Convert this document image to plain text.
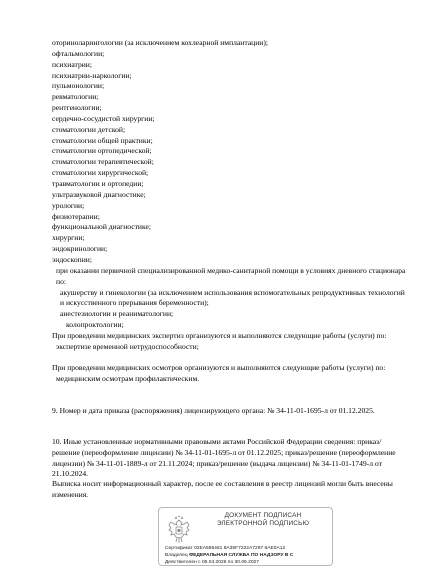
оториноларингологии (за исключением кохлеарной имплантации);
офтальмологии;
психиатрии;
психиатрии-наркологии;
пульмонологии;
ревматологии;
рентгенологии;
сердечно-сосудистой хирургии;
стоматологии детской;
стоматологии общей практики;
стоматологии ортопедической;
стоматологии терапевтической;
стоматологии хирургической;
травматологии и ортопедии;
ультразвуковой диагностике;
урологии;
физиотерапии;
функциональной диагностике;
хирургии;
эндокринологии;
эндоскопии;
при оказании первичной специализированной медико-санитарной помощи в условиях дневного стационара по:
акушерству и гинекологии (за исключением использования вспомогательных репродуктивных технологий и искусственного прерывания беременности);
анестезиологии и реаниматологии;
колопроктологии;
При проведении медицинских экспертиз организуются и выполняются следующие работы (услуги) по:
экспертизе временной нетрудоспособности;
При проведении медицинских осмотров организуются и выполняются следующие работы (услуги) по:
медицинским осмотрам профилактическим.
9. Номер и дата приказа (распоряжения) лицензирующего органа: № 34-11-01-1695-л от 01.12.2025.
10. Иные установленные нормативными правовыми актами Российской Федерации сведения: приказ/решение (переоформление лицензии) № 34-11-01-1695-л от 01.12.2025; приказ/решение (переоформление лицензии) № 34-11-01-1889-л от 21.11.2024; приказ/решение (выдача лицензии) № 34-11-01-1749-л от 21.10.2024.
Выписка носит информационный характер, после ее составления в реестр лицензий могли быть внесены изменения.
ДОКУМЕНТ ПОДПИСАН
ЭЛЕКТРОННОЙ ПОДПИСЬЮ
Сертификат 02EA595481 8A35F7222A7297 8AE0A12
Владелец ФЕДЕРАЛЬНАЯ СЛУЖБА ПО НАДЗОРУ В С
Действителен с 06.04.2026 по 30.06.2027
